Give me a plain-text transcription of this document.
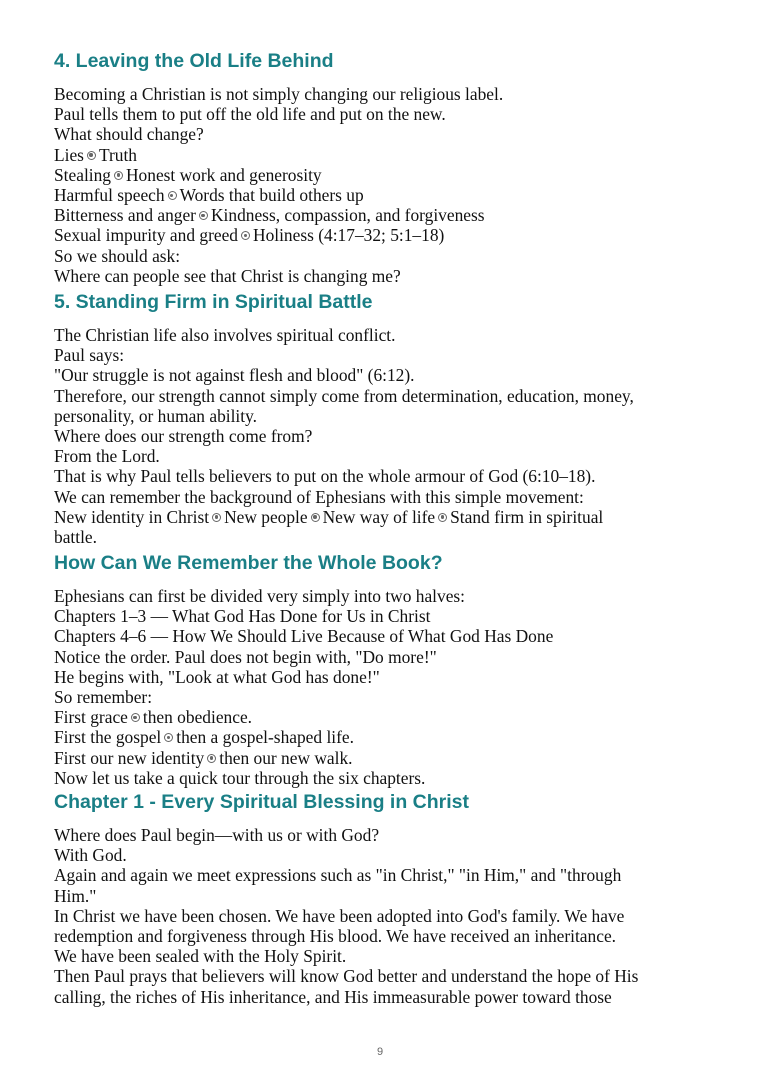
4. Leaving the Old Life Behind
Becoming a Christian is not simply changing our religious label.
Paul tells them to put off the old life and put on the new.
What should change?
Lies Truth
Stealing Honest work and generosity
Harmful speech Words that build others up
Bitterness and anger Kindness, compassion, and forgiveness
Sexual impurity and greed Holiness (4:17–32; 5:1–18)
So we should ask:
Where can people see that Christ is changing me?
5. Standing Firm in Spiritual Battle
The Christian life also involves spiritual conflict.
Paul says:
"Our struggle is not against flesh and blood" (6:12).
Therefore, our strength cannot simply come from determination, education, money,
personality, or human ability.
Where does our strength come from?
From the Lord.
That is why Paul tells believers to put on the whole armour of God (6:10–18).
We can remember the background of Ephesians with this simple movement:
New identity in Christ New people New way of life Stand firm in spiritual
battle.
How Can We Remember the Whole Book?
Ephesians can first be divided very simply into two halves:
Chapters 1–3 — What God Has Done for Us in Christ
Chapters 4–6 — How We Should Live Because of What God Has Done
Notice the order. Paul does not begin with, "Do more!"
He begins with, "Look at what God has done!"
So remember:
First grace then obedience.
First the gospel then a gospel-shaped life.
First our new identity then our new walk.
Now let us take a quick tour through the six chapters.
Chapter 1 - Every Spiritual Blessing in Christ
Where does Paul begin—with us or with God?
With God.
Again and again we meet expressions such as "in Christ," "in Him," and "through
Him."
In Christ we have been chosen. We have been adopted into God's family. We have
redemption and forgiveness through His blood. We have received an inheritance.
We have been sealed with the Holy Spirit.
Then Paul prays that believers will know God better and understand the hope of His
calling, the riches of His inheritance, and His immeasurable power toward those
9
